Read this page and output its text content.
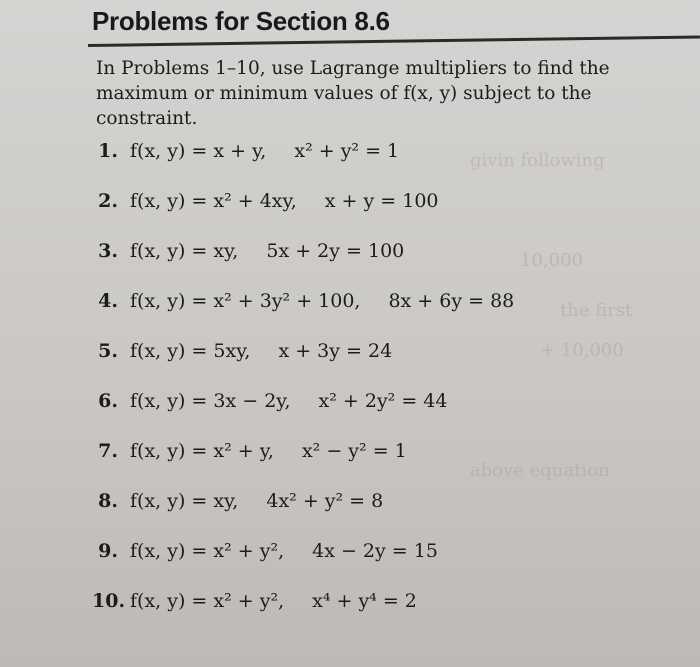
givin following
10,000
the first
+ 10,000
above equation
Problems for Section 8.6

In Problems 1–10, use Lagrange multipliers to find the maximum or minimum values of f(x, y) subject to the constraint.

1. f(x, y) = x + y, x² + y² = 1
2. f(x, y) = x² + 4xy, x + y = 100
3. f(x, y) = xy, 5x + 2y = 100
4. f(x, y) = x² + 3y² + 100, 8x + 6y = 88
5. f(x, y) = 5xy, x + 3y = 24
6. f(x, y) = 3x − 2y, x² + 2y² = 44
7. f(x, y) = x² + y, x² − y² = 1
8. f(x, y) = xy, 4x² + y² = 8
9. f(x, y) = x² + y², 4x − 2y = 15
10. f(x, y) = x² + y², x⁴ + y⁴ = 2
